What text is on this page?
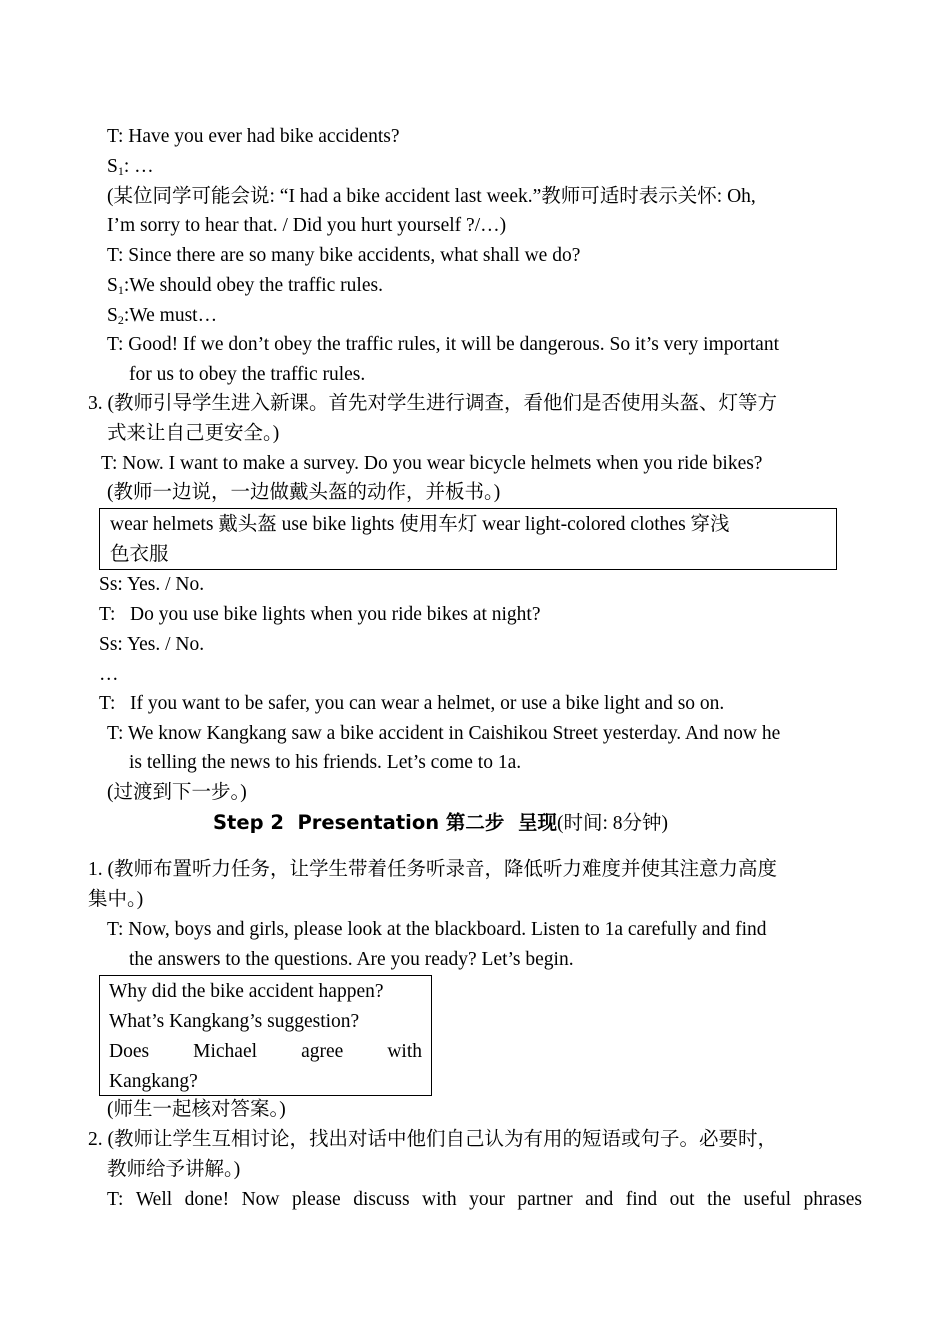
T: Have you ever had bike accidents?
$S_1$: …
(某位同学可能会说: “I had a bike accident last week.”教师可适时表示关怀: Oh,
I’m sorry to hear that. / Did you hurt yourself ?/…)
T: Since there are so many bike accidents, what shall we do?
$S_1:We$ should obey the traffic rules.
$S_2:We$ must…
T: Good! If we don’t obey the traffic rules, it will be dangerous. So it’s very important
for us to obey the traffic rules.
3. (教师引导学生进入新课。首先对学生进行调查，看他们是否使用头盔、灯等方
式来让自己更安全。)
T: Now. I want to make a survey. Do you wear bicycle helmets when you ride bikes?
(教师一边说，一边做戴头盔的动作，并板书。)
wear helmets 戴头盔 use bike lights 使用车灯 wear light-colored clothes 穿浅
色衣服
Ss: Yes. / No.
T:   Do you use bike lights when you ride bikes at night?
Ss: Yes. / No.
…
T:   If you want to be safer, you can wear a helmet, or use a bike light and so on.
T: We know Kangkang saw a bike accident in Caishikou Street yesterday. And now he
is telling the news to his friends. Let’s come to 1a.
(过渡到下一步。)
Step 2  Presentation 第二步  呈现(时间: 8分钟)
1. (教师布置听力任务，让学生带着任务听录音，降低听力难度并使其注意力高度
集中。)
T: Now, boys and girls, please look at the blackboard. Listen to 1a carefully and find
the answers to the questions. Are you ready? Let’s begin.
Why did the bike accident happen?
What’s Kangkang’s suggestion?
Does Michael agree with
Kangkang?
(师生一起核对答案。)
2. (教师让学生互相讨论，找出对话中他们自己认为有用的短语或句子。必要时，
教师给予讲解。)
T: Well done! Now please discuss with your partner and find out the useful phrases
